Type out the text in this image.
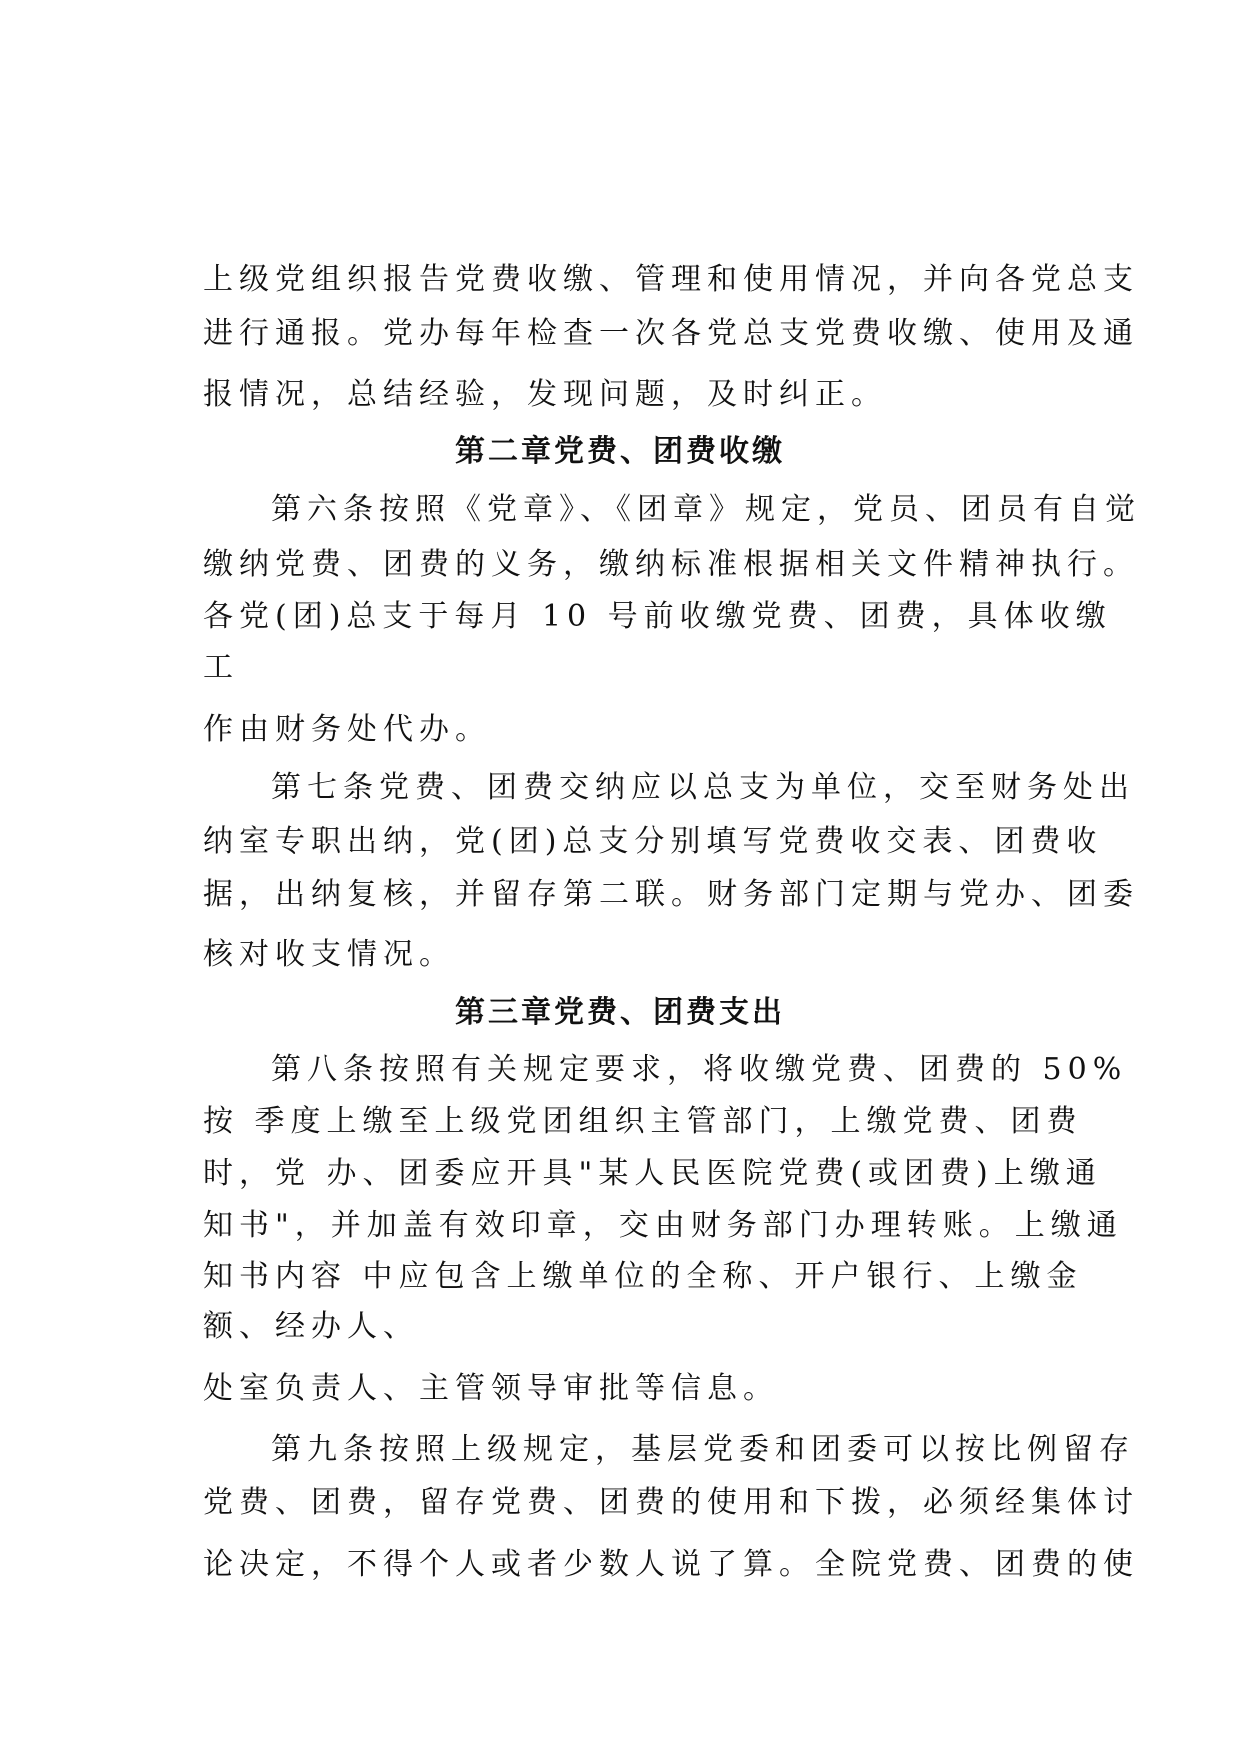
上级党组织报告党费收缴、管理和使用情况，并向各党总支
进行通报。党办每年检查一次各党总支党费收缴、使用及通
报情况，总结经验，发现问题，及时纠正。
第二章党费、团费收缴
第六条按照《党章》、《团章》规定，党员、团员有自觉
缴纳党费、团费的义务，缴纳标准根据相关文件精神执行。
各党(团)总支于每月 10 号前收缴党费、团费，具体收缴
工
作由财务处代办。
第七条党费、团费交纳应以总支为单位，交至财务处出
纳室专职出纳，党(团)总支分别填写党费收交表、团费收
据，出纳复核，并留存第二联。财务部门定期与党办、团委
核对收支情况。
第三章党费、团费支出
第八条按照有关规定要求，将收缴党费、团费的 50%
按 季度上缴至上级党团组织主管部门，上缴党费、团费
时，党 办、团委应开具"某人民医院党费(或团费)上缴通
知书"，并加盖有效印章，交由财务部门办理转账。上缴通
知书内容 中应包含上缴单位的全称、开户银行、上缴金
额、经办人、
处室负责人、主管领导审批等信息。
第九条按照上级规定，基层党委和团委可以按比例留存
党费、团费，留存党费、团费的使用和下拨，必须经集体讨
论决定，不得个人或者少数人说了算。全院党费、团费的使
